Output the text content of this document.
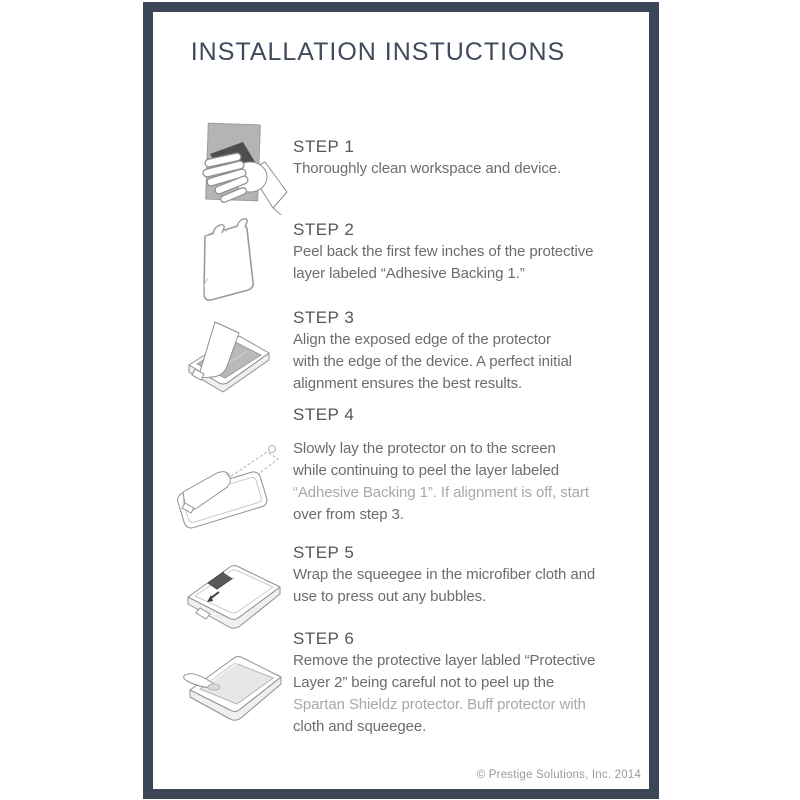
INSTALLATION INSTUCTIONS
STEP 1
Thoroughly clean workspace and device.
STEP 2
Peel back the first few inches of the protective
layer labeled “Adhesive Backing 1.”
STEP 3
Align the exposed edge of the protector
with the edge of the device. A perfect initial
alignment ensures the best results.
STEP 4
Slowly lay the protector on to the screen
while continuing to peel the layer labeled
“Adhesive Backing 1”. If alignment is off, start
over from step 3.
STEP 5
Wrap the squeegee in the microfiber cloth and
use to press out any bubbles.
STEP 6
Remove the protective layer labled “Protective
Layer 2” being careful not to peel up the
Spartan Shieldz protector. Buff protector with
cloth and squeegee.
© Prestige Solutions, Inc. 2014
